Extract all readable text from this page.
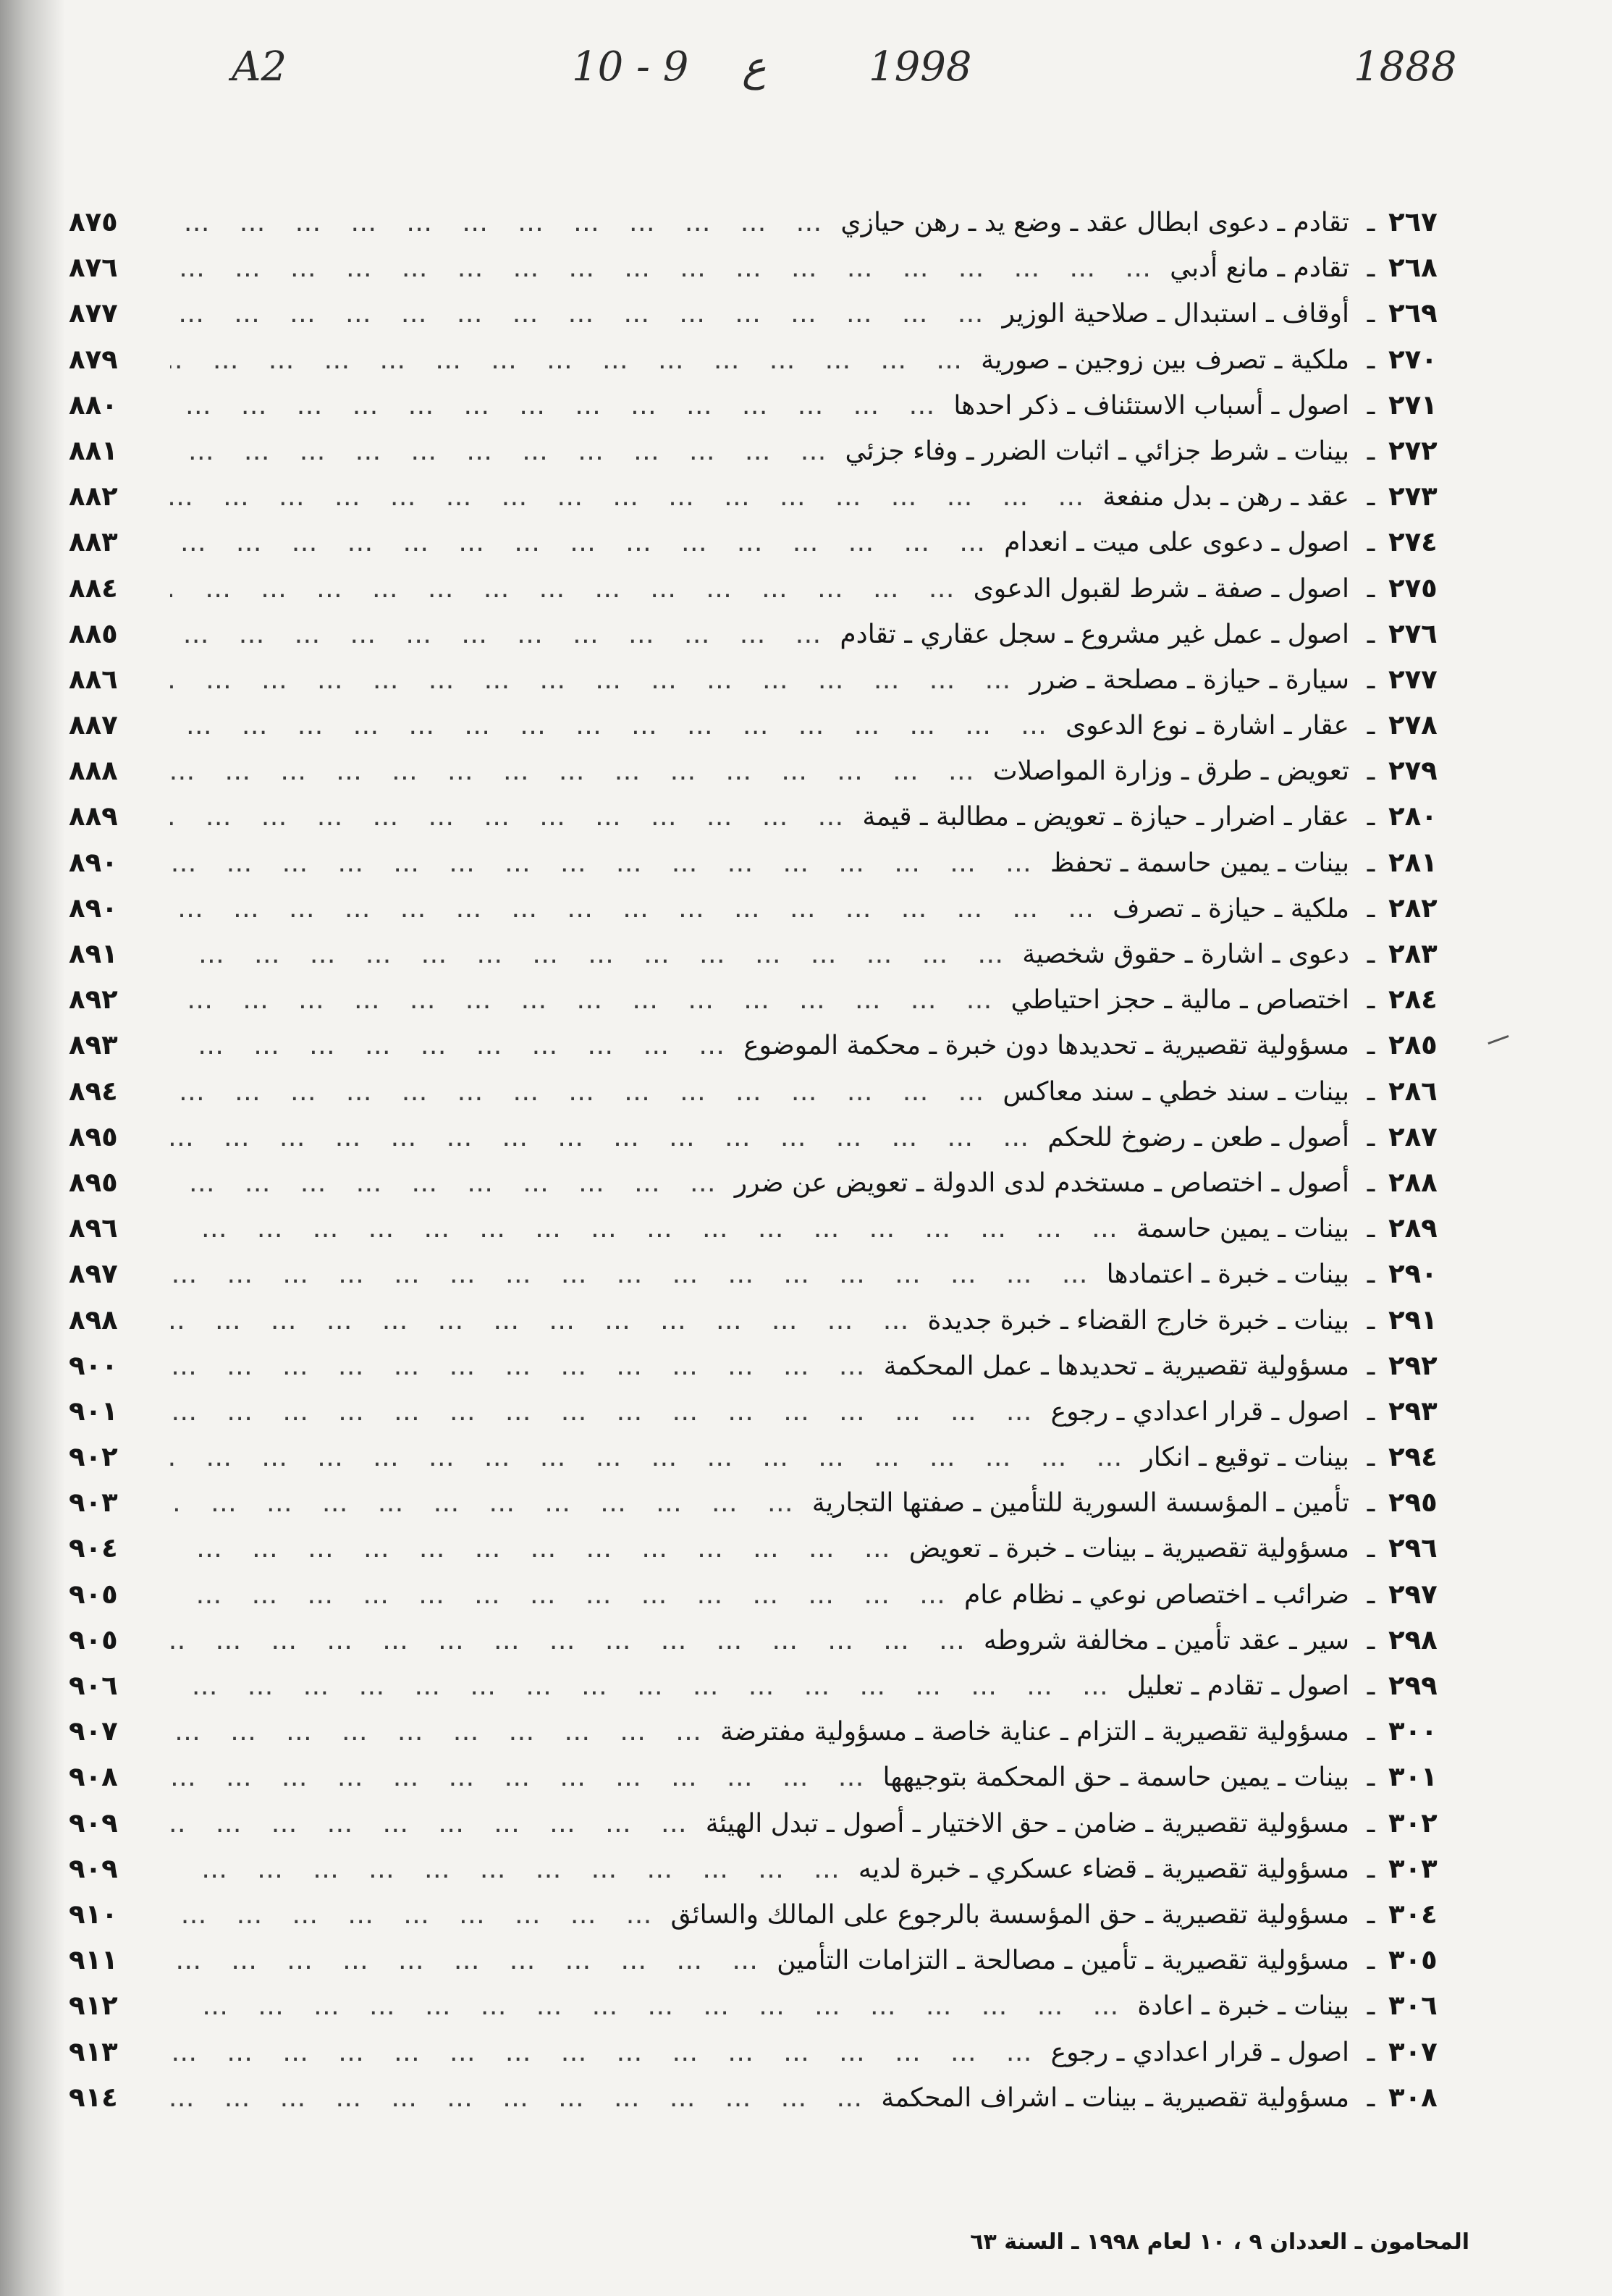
1888
1998
ع
10 - 9
A2
٢٦٧
ـ
تقادم ـ دعوى ابطال عقد ـ وضع يد ـ رهن حيازي
…  …  …  …  …  …  …  …  …  …  …  …  …  …  …  …  …  …  …  …  …
٨٧٥
٢٦٨
ـ
تقادم ـ مانع أدبي
…  …  …  …  …  …  …  …  …  …  …  …  …  …  …  …  …  …  …  …  …
٨٧٦
٢٦٩
ـ
أوقاف ـ استبدال ـ صلاحية الوزير
…  …  …  …  …  …  …  …  …  …  …  …  …  …  …  …  …  …  …  …  …
٨٧٧
٢٧٠
ـ
ملكية ـ تصرف بين زوجين ـ صورية
…  …  …  …  …  …  …  …  …  …  …  …  …  …  …  …  …  …  …  …  …
٨٧٩
٢٧١
ـ
اصول ـ أسباب الاستئناف ـ ذكر احدها
…  …  …  …  …  …  …  …  …  …  …  …  …  …  …  …  …  …  …  …  …
٨٨٠
٢٧٢
ـ
بينات ـ شرط جزائي ـ اثبات الضرر ـ وفاء جزئي
…  …  …  …  …  …  …  …  …  …  …  …  …  …  …  …  …  …  …  …  …
٨٨١
٢٧٣
ـ
عقد ـ رهن ـ بدل منفعة
…  …  …  …  …  …  …  …  …  …  …  …  …  …  …  …  …  …  …  …  …
٨٨٢
٢٧٤
ـ
اصول ـ دعوى على ميت ـ انعدام
…  …  …  …  …  …  …  …  …  …  …  …  …  …  …  …  …  …  …  …  …
٨٨٣
٢٧٥
ـ
اصول ـ صفة ـ شرط لقبول الدعوى
…  …  …  …  …  …  …  …  …  …  …  …  …  …  …  …  …  …  …  …  …
٨٨٤
٢٧٦
ـ
اصول ـ عمل غير مشروع ـ سجل عقاري ـ تقادم
…  …  …  …  …  …  …  …  …  …  …  …  …  …  …  …  …  …  …  …  …
٨٨٥
٢٧٧
ـ
سيارة ـ حيازة ـ مصلحة ـ ضرر
…  …  …  …  …  …  …  …  …  …  …  …  …  …  …  …  …  …  …  …  …
٨٨٦
٢٧٨
ـ
عقار ـ اشارة ـ نوع الدعوى
…  …  …  …  …  …  …  …  …  …  …  …  …  …  …  …  …  …  …  …  …
٨٨٧
٢٧٩
ـ
تعويض ـ طرق ـ وزارة المواصلات
…  …  …  …  …  …  …  …  …  …  …  …  …  …  …  …  …  …  …  …  …
٨٨٨
٢٨٠
ـ
عقار ـ اضرار ـ حيازة ـ تعويض ـ مطالبة ـ قيمة
…  …  …  …  …  …  …  …  …  …  …  …  …  …  …  …  …  …  …  …  …
٨٨٩
٢٨١
ـ
بينات ـ يمين حاسمة ـ تحفظ
…  …  …  …  …  …  …  …  …  …  …  …  …  …  …  …  …  …  …  …  …
٨٩٠
٢٨٢
ـ
ملكية ـ حيازة ـ تصرف
…  …  …  …  …  …  …  …  …  …  …  …  …  …  …  …  …  …  …  …  …
٨٩٠
٢٨٣
ـ
دعوى ـ اشارة ـ حقوق شخصية
…  …  …  …  …  …  …  …  …  …  …  …  …  …  …  …  …  …  …  …  …
٨٩١
٢٨٤
ـ
اختصاص ـ مالية ـ حجز احتياطي
…  …  …  …  …  …  …  …  …  …  …  …  …  …  …  …  …  …  …  …  …
٨٩٢
٢٨٥
ـ
مسؤولية تقصيرية ـ تحديدها دون خبرة ـ محكمة الموضوع
…  …  …  …  …  …  …  …  …  …  …  …  …  …  …  …  …  …  …  …  …
٨٩٣
٢٨٦
ـ
بينات ـ سند خطي ـ سند معاكس
…  …  …  …  …  …  …  …  …  …  …  …  …  …  …  …  …  …  …  …  …
٨٩٤
٢٨٧
ـ
أصول ـ طعن ـ رضوخ للحكم
…  …  …  …  …  …  …  …  …  …  …  …  …  …  …  …  …  …  …  …  …
٨٩٥
٢٨٨
ـ
أصول ـ اختصاص ـ مستخدم لدى الدولة ـ تعويض عن ضرر
…  …  …  …  …  …  …  …  …  …  …  …  …  …  …  …  …  …  …  …  …
٨٩٥
٢٨٩
ـ
بينات ـ يمين حاسمة
…  …  …  …  …  …  …  …  …  …  …  …  …  …  …  …  …  …  …  …  …
٨٩٦
٢٩٠
ـ
بينات ـ خبرة ـ اعتمادها
…  …  …  …  …  …  …  …  …  …  …  …  …  …  …  …  …  …  …  …  …
٨٩٧
٢٩١
ـ
بينات ـ خبرة خارج القضاء ـ خبرة جديدة
…  …  …  …  …  …  …  …  …  …  …  …  …  …  …  …  …  …  …  …  …
٨٩٨
٢٩٢
ـ
مسؤولية تقصيرية ـ تحديدها ـ عمل المحكمة
…  …  …  …  …  …  …  …  …  …  …  …  …  …  …  …  …  …  …  …  …
٩٠٠
٢٩٣
ـ
اصول ـ قرار اعدادي ـ رجوع
…  …  …  …  …  …  …  …  …  …  …  …  …  …  …  …  …  …  …  …  …
٩٠١
٢٩٤
ـ
بينات ـ توقيع ـ انكار
…  …  …  …  …  …  …  …  …  …  …  …  …  …  …  …  …  …  …  …  …
٩٠٢
٢٩٥
ـ
تأمين ـ المؤسسة السورية للتأمين ـ صفتها التجارية
…  …  …  …  …  …  …  …  …  …  …  …  …  …  …  …  …  …  …  …  …
٩٠٣
٢٩٦
ـ
مسؤولية تقصيرية ـ بينات ـ خبرة ـ تعويض
…  …  …  …  …  …  …  …  …  …  …  …  …  …  …  …  …  …  …  …  …
٩٠٤
٢٩٧
ـ
ضرائب ـ اختصاص نوعي ـ نظام عام
…  …  …  …  …  …  …  …  …  …  …  …  …  …  …  …  …  …  …  …  …
٩٠٥
٢٩٨
ـ
سير ـ عقد تأمين ـ مخالفة شروطه
…  …  …  …  …  …  …  …  …  …  …  …  …  …  …  …  …  …  …  …  …
٩٠٥
٢٩٩
ـ
اصول ـ تقادم ـ تعليل
…  …  …  …  …  …  …  …  …  …  …  …  …  …  …  …  …  …  …  …  …
٩٠٦
٣٠٠
ـ
مسؤولية تقصيرية ـ التزام ـ عناية خاصة ـ مسؤولية مفترضة
…  …  …  …  …  …  …  …  …  …  …  …  …  …  …  …  …  …  …  …  …
٩٠٧
٣٠١
ـ
بينات ـ يمين حاسمة ـ حق المحكمة بتوجيهها
…  …  …  …  …  …  …  …  …  …  …  …  …  …  …  …  …  …  …  …  …
٩٠٨
٣٠٢
ـ
مسؤولية تقصيرية ـ ضامن ـ حق الاختيار ـ أصول ـ تبدل الهيئة
…  …  …  …  …  …  …  …  …  …  …  …  …  …  …  …  …  …  …  …  …
٩٠٩
٣٠٣
ـ
مسؤولية تقصيرية ـ قضاء عسكري ـ خبرة لديه
…  …  …  …  …  …  …  …  …  …  …  …  …  …  …  …  …  …  …  …  …
٩٠٩
٣٠٤
ـ
مسؤولية تقصيرية ـ حق المؤسسة بالرجوع على المالك والسائق
…  …  …  …  …  …  …  …  …  …  …  …  …  …  …  …  …  …  …  …  …
٩١٠
٣٠٥
ـ
مسؤولية تقصيرية ـ تأمين ـ مصالحة ـ التزامات التأمين
…  …  …  …  …  …  …  …  …  …  …  …  …  …  …  …  …  …  …  …  …
٩١١
٣٠٦
ـ
بينات ـ خبرة ـ اعادة
…  …  …  …  …  …  …  …  …  …  …  …  …  …  …  …  …  …  …  …  …
٩١٢
٣٠٧
ـ
اصول ـ قرار اعدادي ـ رجوع
…  …  …  …  …  …  …  …  …  …  …  …  …  …  …  …  …  …  …  …  …
٩١٣
٣٠٨
ـ
مسؤولية تقصيرية ـ بينات ـ اشراف المحكمة
…  …  …  …  …  …  …  …  …  …  …  …  …  …  …  …  …  …  …  …  …
٩١٤
المحامون ـ العددان ٩ ، ١٠ لعام ١٩٩٨ ـ السنة ٦٣
